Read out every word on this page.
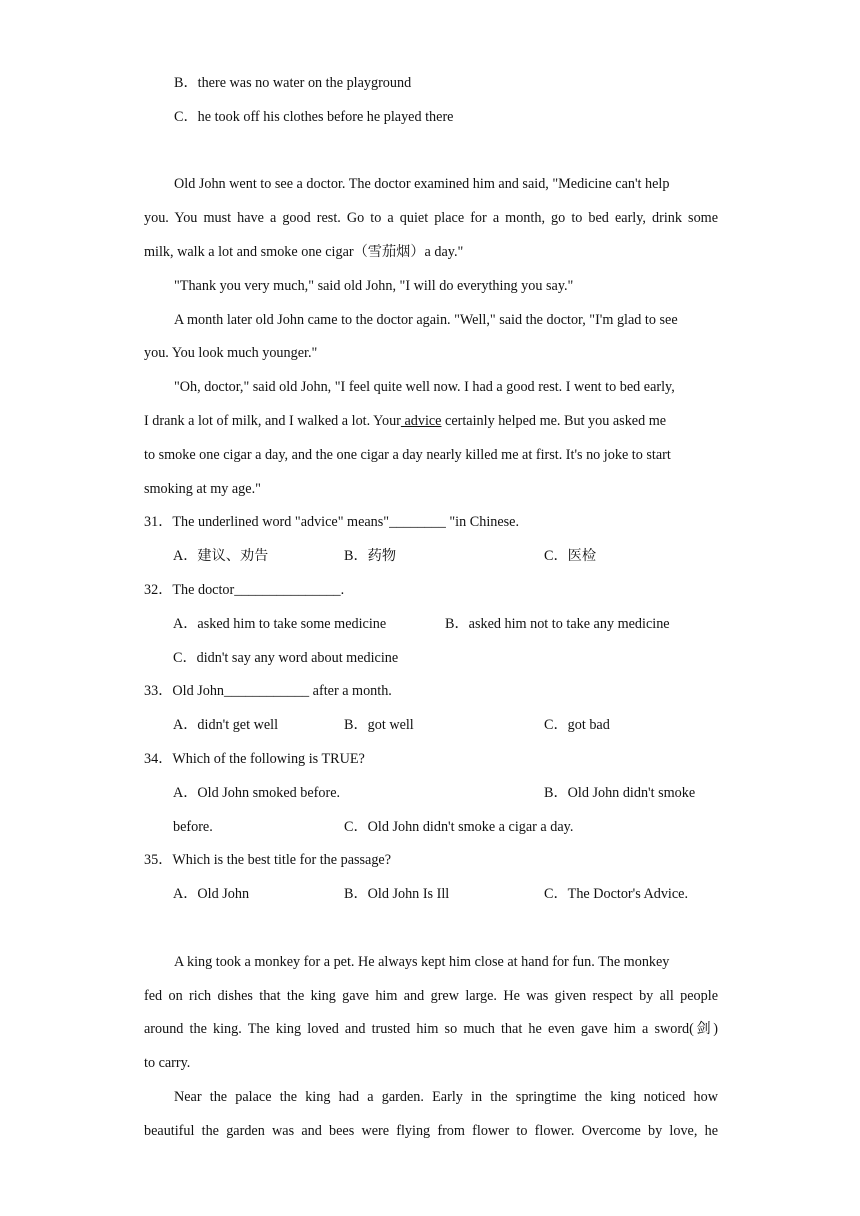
B．there was no water on the playground
C．he took off his clothes before he played there
Old John went to see a doctor. The doctor examined him and said, "Medicine can't help
you. You must have a good rest. Go to a quiet place for a month, go to bed early, drink some
milk, walk a lot and smoke one cigar（雪茄烟）a day."
"Thank you very much," said old John, "I will do everything you say."
A month later old John came to the doctor again. "Well," said the doctor, "I'm glad to see
you. You look much younger."
"Oh, doctor," said old John, "I feel quite well now. I had a good rest. I went to bed early,
I drank a lot of milk, and I walked a lot. Your advice certainly helped me. But you asked me
to smoke one cigar a day, and the one cigar a day nearly killed me at first. It's no joke to start
smoking at my age."
31．The underlined word "advice" means"________ "in Chinese.
A．建议、劝告	B．药物	C．医检
32．The doctor_______________.
A．asked him to take some medicine	B．asked him not to take any medicine
C．didn't say any word about medicine
33．Old John____________ after a month.
A．didn't get well	B．got well	C．got bad
34．Which of the following is TRUE?
A．Old John smoked before.	B．Old John didn't smoke
before.	C．Old John didn't smoke a cigar a day.
35．Which is the best title for the passage?
A．Old John	B．Old John Is Ill	C．The Doctor's Advice.
A king took a monkey for a pet. He always kept him close at hand for fun. The monkey
fed on rich dishes that the king gave him and grew large. He was given respect by all people
around the king. The king loved and trusted him so much that he even gave him a sword(剑)
to carry.
Near the palace the king had a garden. Early in the springtime the king noticed how
beautiful the garden was and bees were flying from flower to flower. Overcome by love, he
